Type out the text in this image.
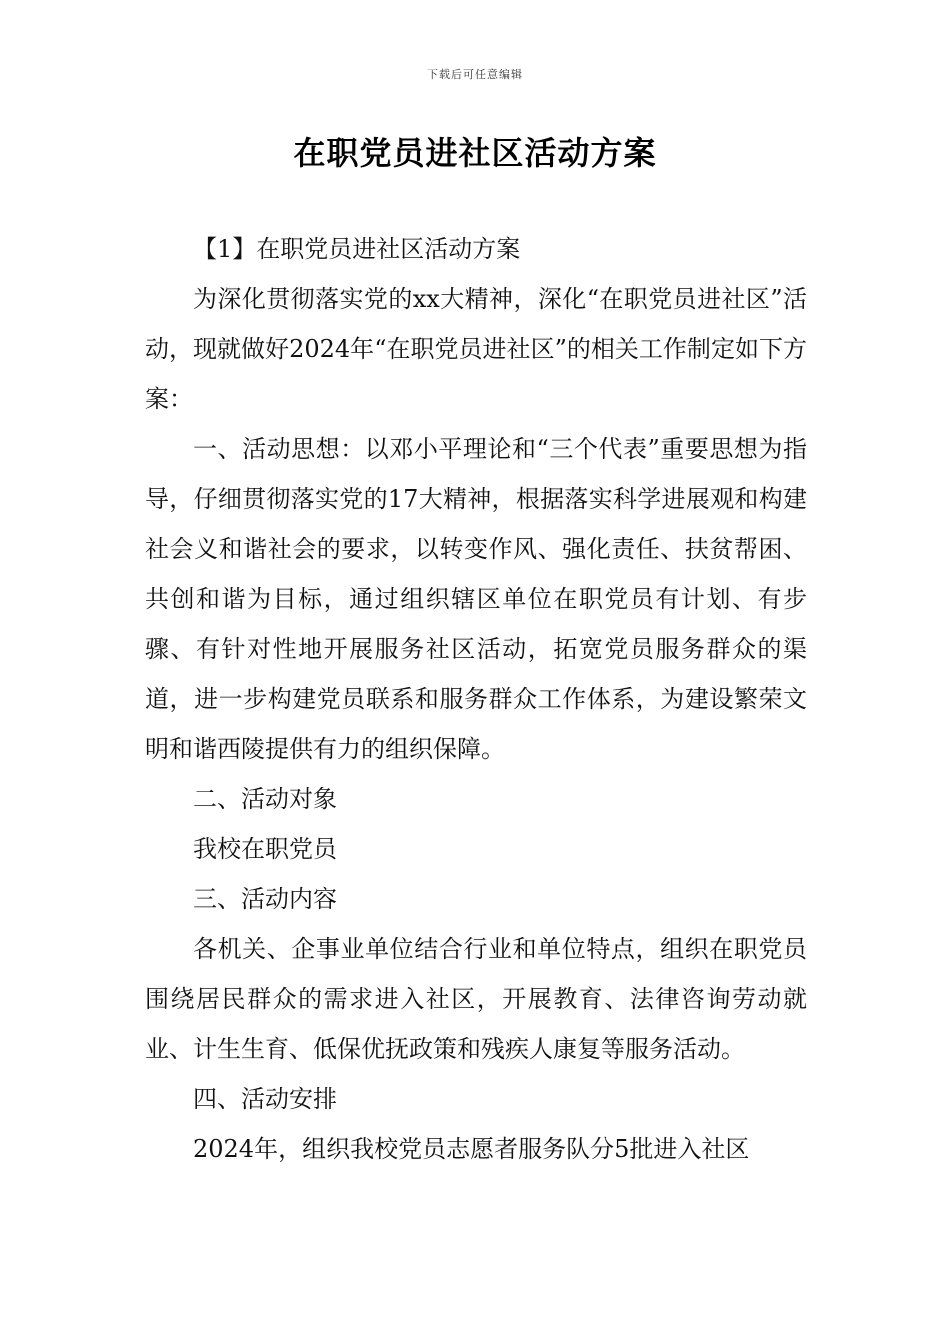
下载后可任意编辑
在职党员进社区活动方案

【1】在职党员进社区活动方案

为深化贯彻落实党的xx大精神，深化“在职党员进社区”活动，现就做好2024年“在职党员进社区”的相关工作制定如下方案：

一、活动思想：以邓小平理论和“三个代表”重要思想为指导，仔细贯彻落实党的17大精神，根据落实科学进展观和构建社会义和谐社会的要求，以转变作风、强化责任、扶贫帮困、共创和谐为目标，通过组织辖区单位在职党员有计划、有步骤、有针对性地开展服务社区活动，拓宽党员服务群众的渠道，进一步构建党员联系和服务群众工作体系，为建设繁荣文明和谐西陵提供有力的组织保障。

二、活动对象

我校在职党员

三、活动内容

各机关、企事业单位结合行业和单位特点，组织在职党员围绕居民群众的需求进入社区，开展教育、法律咨询劳动就业、计生生育、低保优抚政策和残疾人康复等服务活动。

四、活动安排

2024年，组织我校党员志愿者服务队分5批进入社区
